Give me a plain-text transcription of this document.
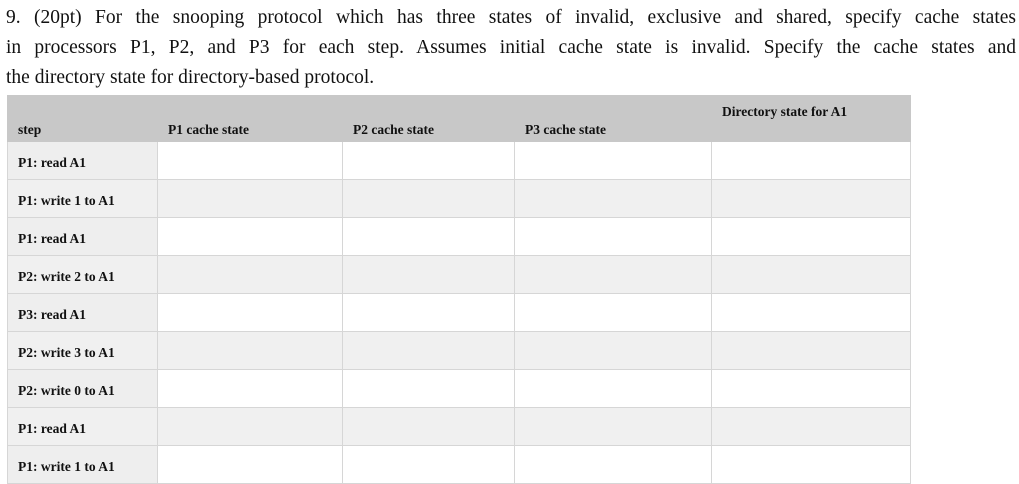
9. (20pt) For the snooping protocol which has three states of invalid, exclusive and shared, specify cache states
in processors P1, P2, and P3 for each step. Assumes initial cache state is invalid. Specify the cache states and
the directory state for directory-based protocol.
step	P1 cache state	P2 cache state	P3 cache state	Directory state for A1
P1: read A1				
P1: write 1 to A1				
P1: read A1				
P2: write 2 to A1				
P3: read A1				
P2: write 3 to A1				
P2: write 0 to A1				
P1: read A1				
P1: write 1 to A1				
